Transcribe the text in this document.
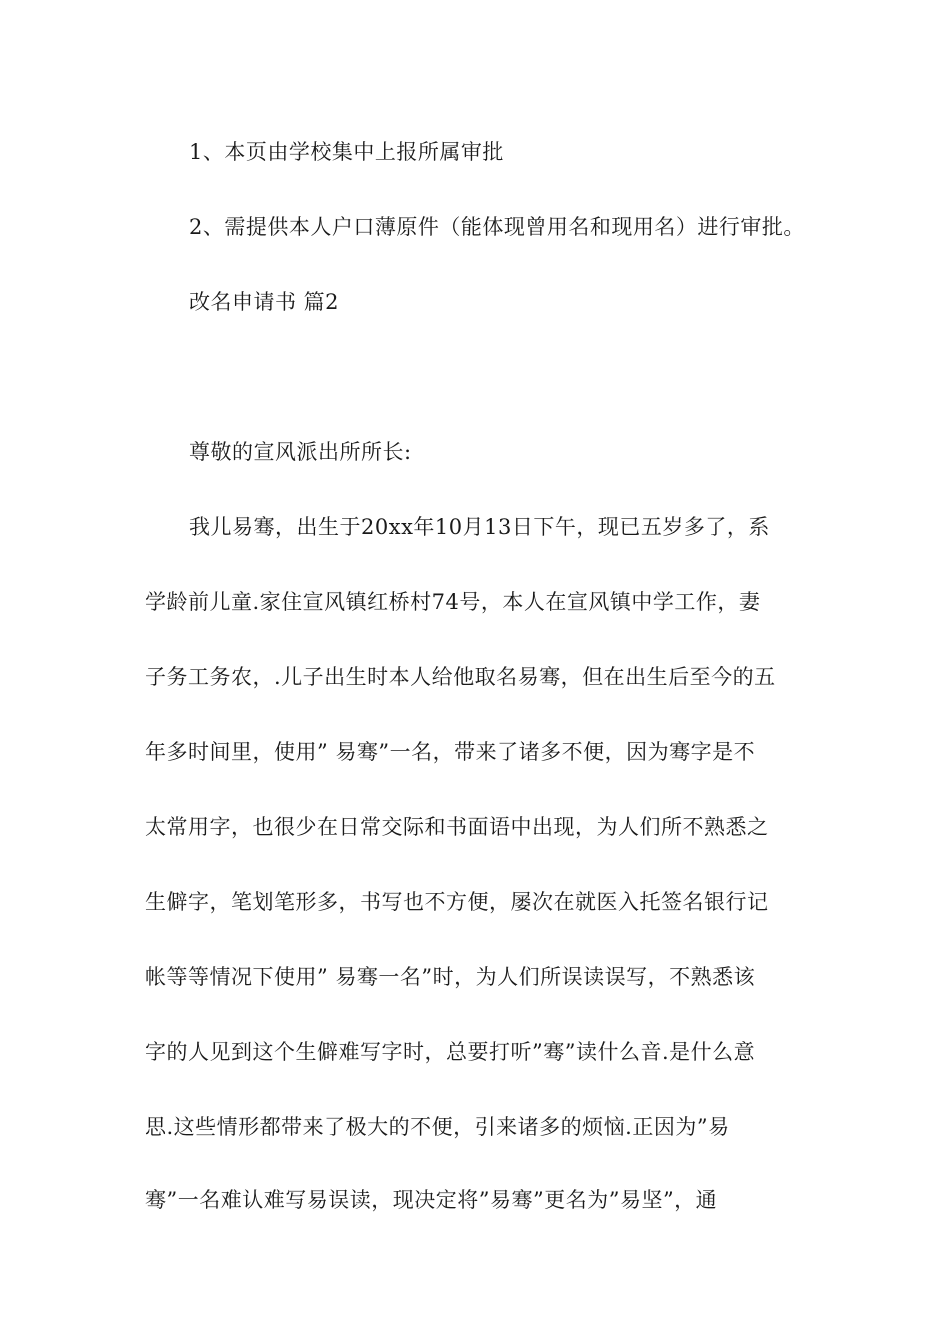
1、本页由学校集中上报所属审批
2、需提供本人户口薄原件（能体现曾用名和现用名）进行审批。
改名申请书 篇2
尊敬的宣风派出所所长:
我儿易骞，出生于20xx年10月13日下午，现已五岁多了，系
学龄前儿童.家住宣风镇红桥村74号，本人在宣风镇中学工作，妻
子务工务农，.儿子出生时本人给他取名易骞，但在出生后至今的五
年多时间里，使用” 易骞”一名，带来了诸多不便，因为骞字是不
太常用字，也很少在日常交际和书面语中出现，为人们所不熟悉之
生僻字，笔划笔形多，书写也不方便，屡次在就医入托签名银行记
帐等等情况下使用” 易骞一名”时，为人们所误读误写，不熟悉该
字的人见到这个生僻难写字时，总要打听”骞”读什么音.是什么意
思.这些情形都带来了极大的不便，引来诸多的烦恼.正因为”易
骞”一名难认难写易误读，现决定将”易骞”更名为”易坚”，通
